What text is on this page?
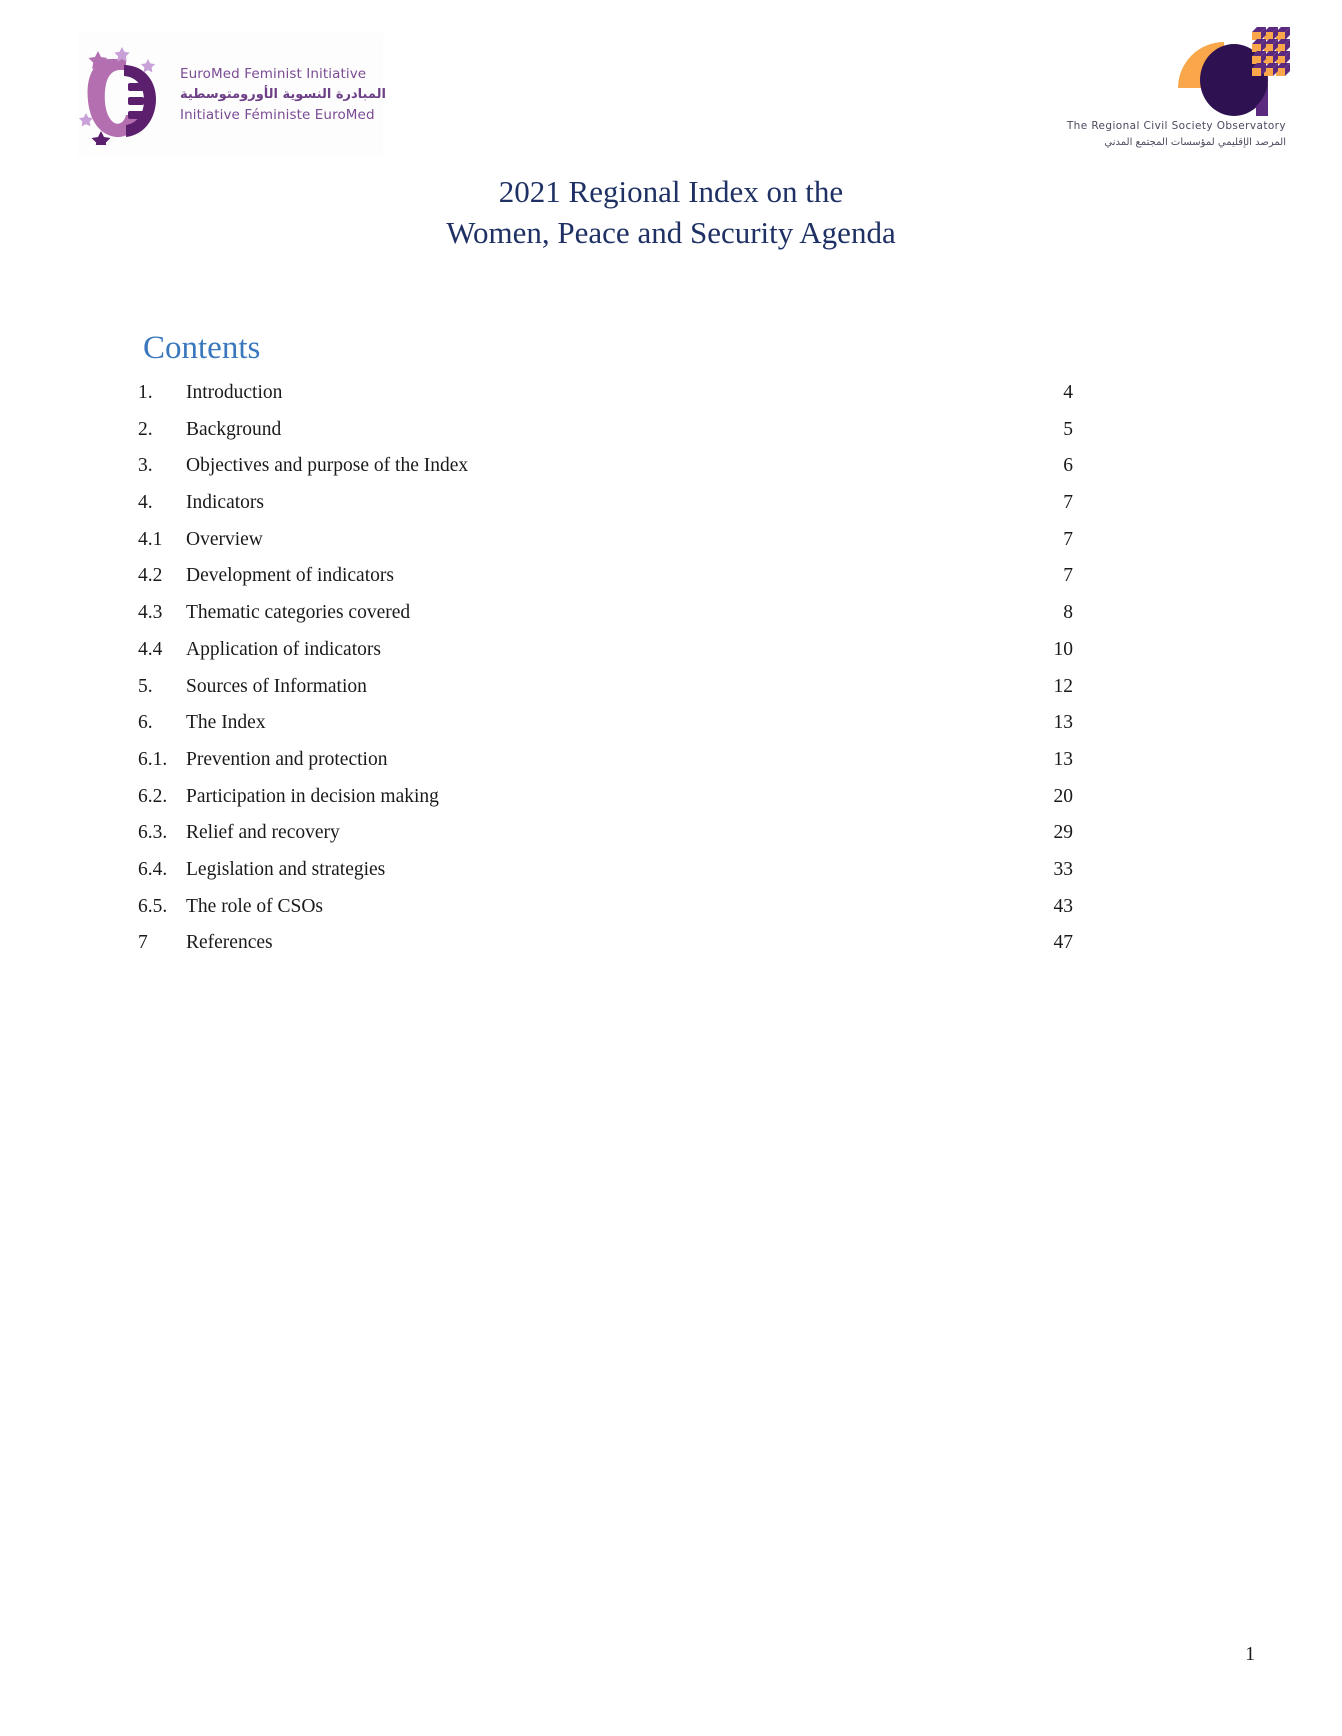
EuroMed Feminist Initiative
المبادرة النسوية الأورومتوسطية
Initiative Féministe EuroMed
The Regional Civil Society Observatory
المرصد الإقليمي لمؤسسات المجتمع المدني
2021 Regional Index on the
Women, Peace and Security Agenda
Contents
1.	Introduction .....	4
2.	Background .....	5
3.	Objectives and purpose of the Index .....	6
4.	Indicators .....	7
4.1	Overview .....	7
4.2	Development of indicators .....	7
4.3	Thematic categories covered .....	8
4.4	Application of indicators .....	10
5.	Sources of Information .....	12
6.	The Index .....	13
6.1. Prevention and protection .....	13
6.2. Participation in decision making .....	20
6.3. Relief and recovery .....	29
6.4. Legislation and strategies .....	33
6.5. The role of CSOs .....	43
7	References .....	47
1
